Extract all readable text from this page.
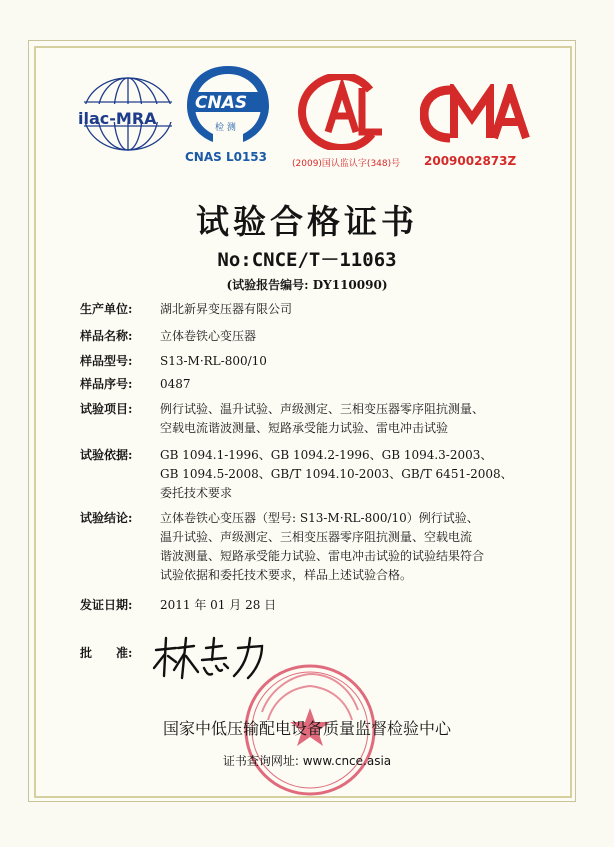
ilac-MRA
CNAS
检 测
CNAS L0153	(2009)国认监认字(348)号 2009002873Z
试验合格证书
No:CNCE/T－11063
(试验报告编号: DY110090)
生产单位:	湖北新昇变压器有限公司
样品名称:	立体卷铁心变压器
样品型号:	S13-M·RL-800/10
样品序号:	0487
试验项目:	例行试验、温升试验、声级测定、三相变压器零序阻抗测量、
空载电流谐波测量、短路承受能力试验、雷电冲击试验
试验依据:	GB 1094.1-1996、GB 1094.2-1996、GB 1094.3-2003、
GB 1094.5-2008、GB/T 1094.10-2003、GB/T 6451-2008、
委托技术要求
试验结论:	立体卷铁心变压器（型号: S13-M·RL-800/10）例行试验、
温升试验、声级测定、三相变压器零序阻抗测量、空载电流
谐波测量、短路承受能力试验、雷电冲击试验的试验结果符合
试验依据和委托技术要求，样品上述试验合格。
发证日期:	2011 年 01 月 28 日
批　　准:
国家中低压输配电设备质量监督检验中心
证书查询网址: www.cnce.asia
